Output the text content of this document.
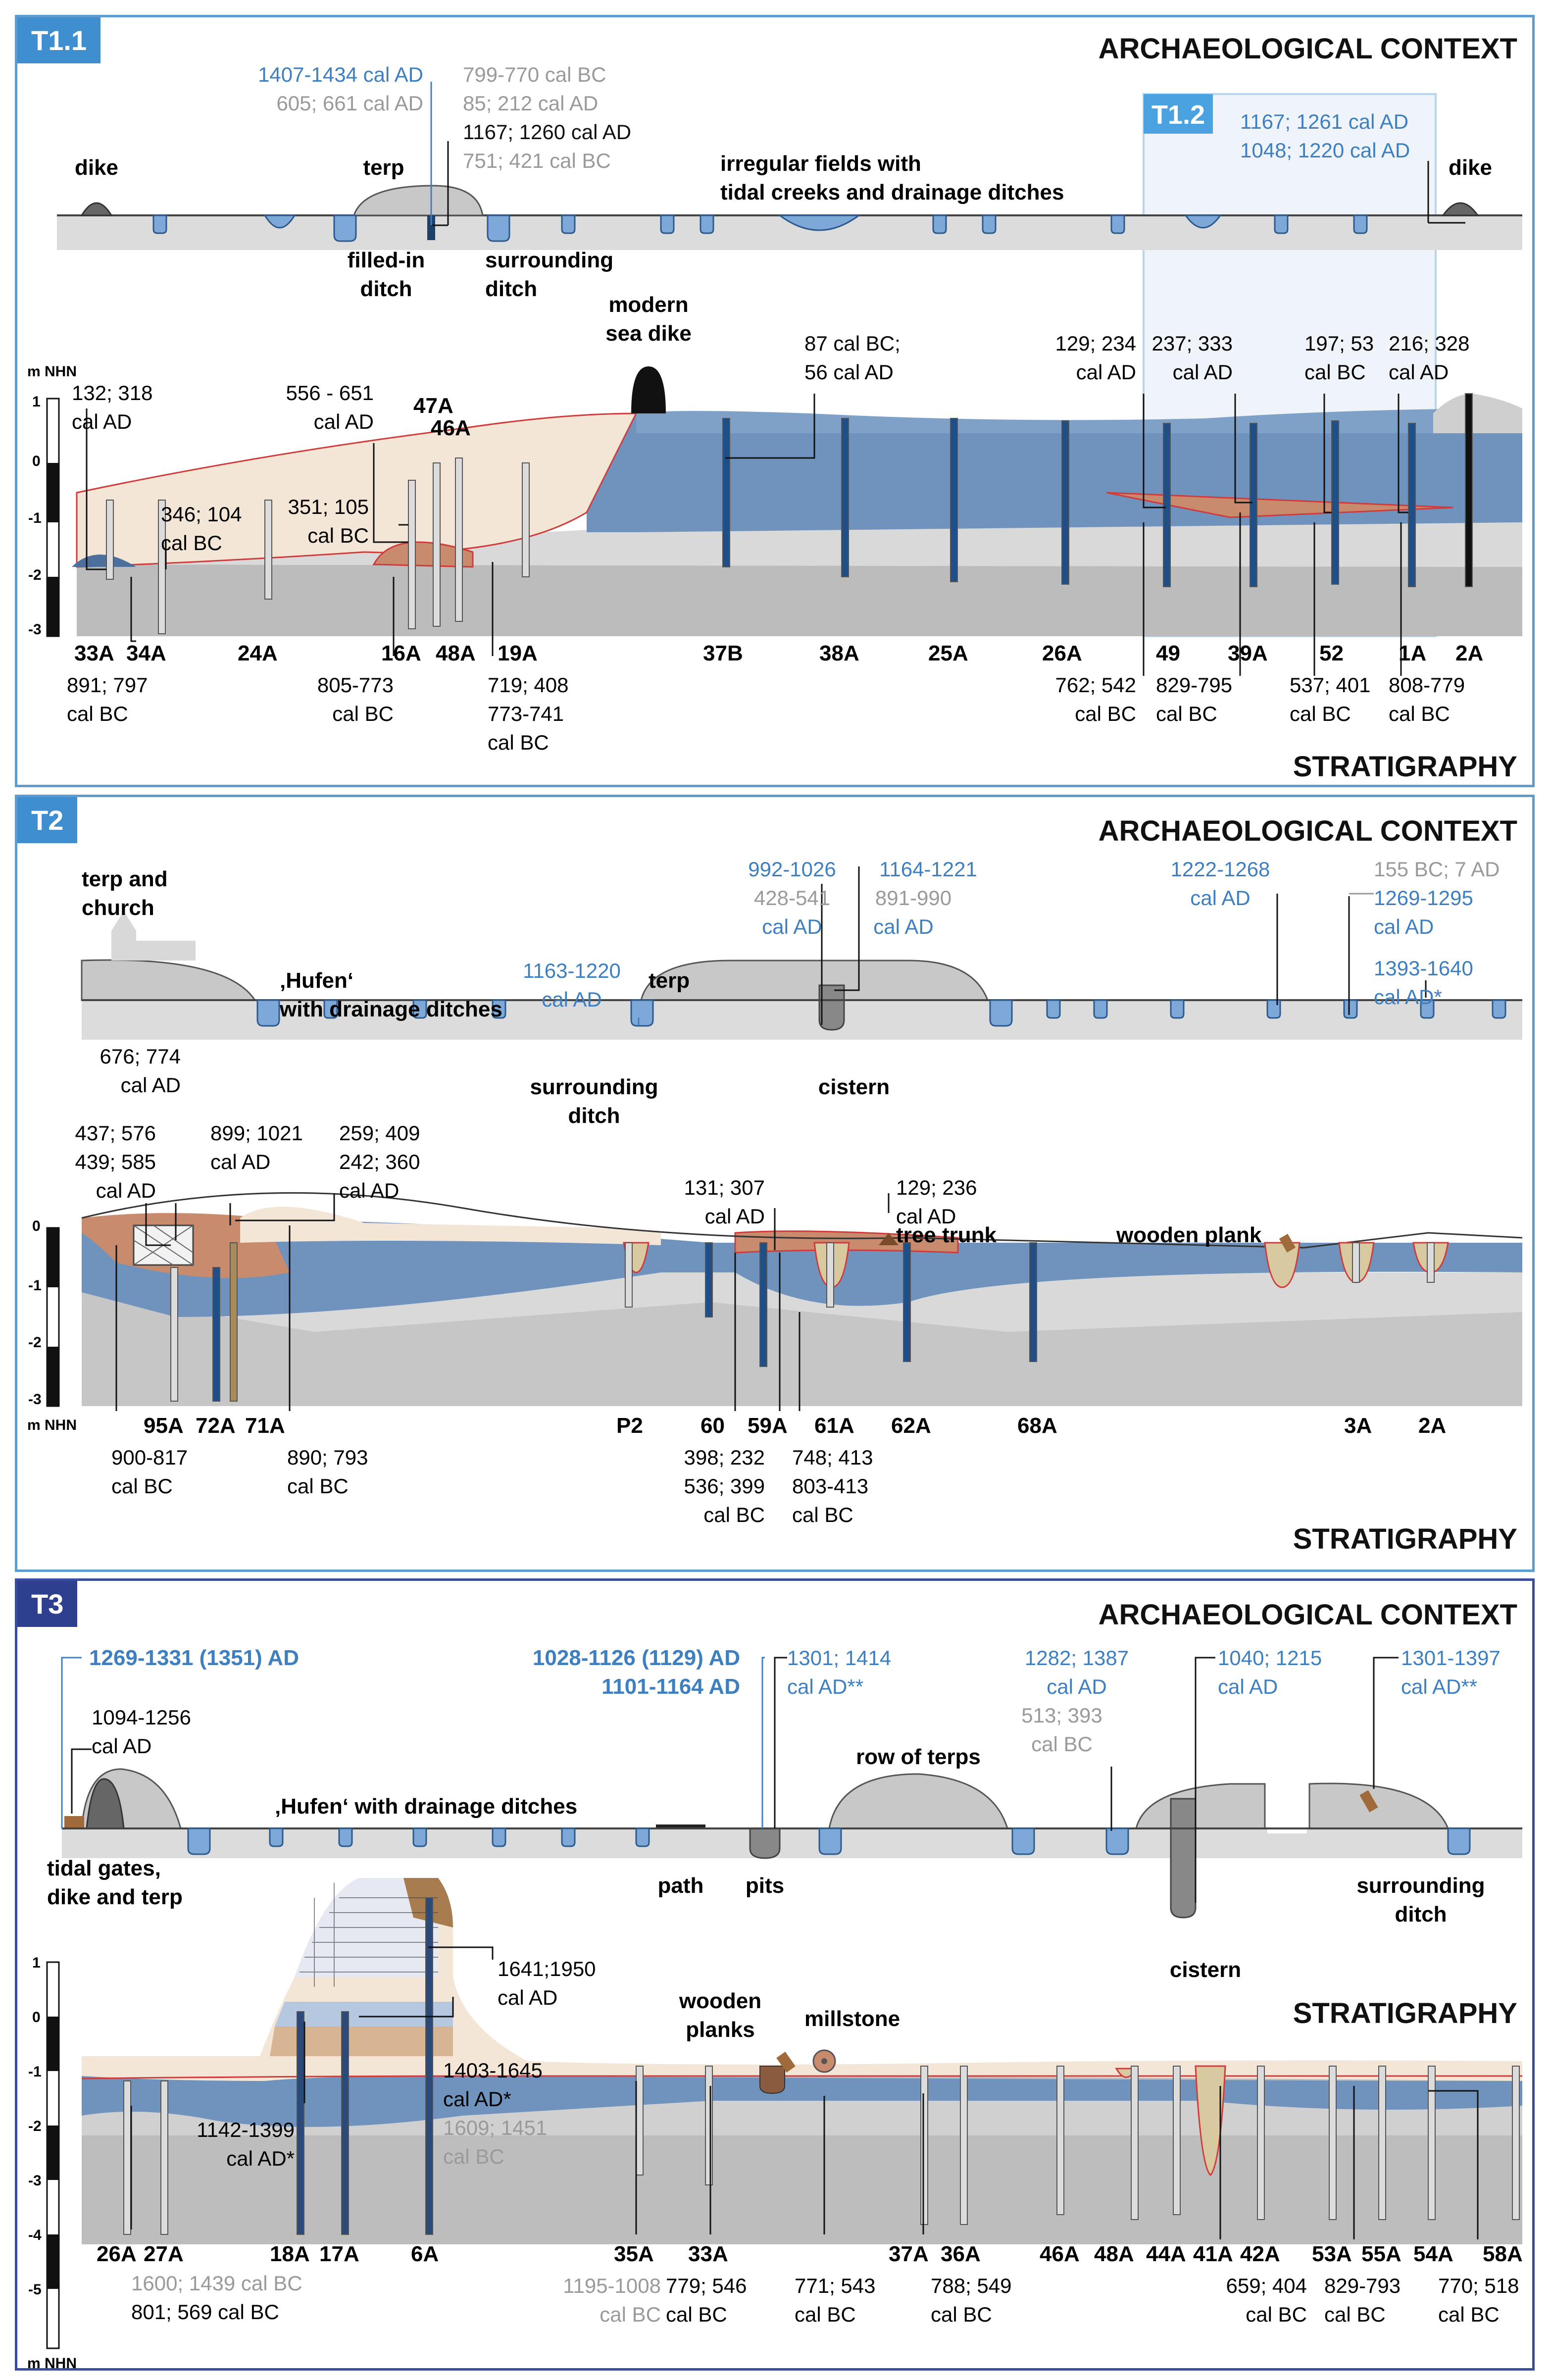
T1.1	ARCHAEOLOGICAL CONTEXT
STRATIGRAPHY
T1.2
dike	terp	dike
filled-in ditch
surrounding ditch
irregular fields with tidal creeks and drainage ditches
modern sea dike
1407-1434 cal AD
605; 661 cal AD
799-770 cal BC
85; 212 cal AD
1167; 1260 cal AD
751; 421 cal BC
1167; 1261 cal AD
1048; 1220 cal AD
m NHN
132; 318
cal AD
346; 104
cal BC
556 - 651
cal AD
351; 105
cal BC
87 cal BC;
56 cal AD
129; 234
cal AD
237; 333
cal AD
197; 53
cal BC
216; 328
cal AD
47A
46A
33A 34A	24A	16A 48A 19A	37B	38A	25A	26A	49 39A 52	1A 2A
891; 797
cal BC
805-773
cal BC
719; 408
773-741
cal BC
762; 542
cal BC
829-795
cal BC
537; 401
cal BC
808-779
cal BC
1
0
-1
-2
-3
T2	ARCHAEOLOGICAL CONTEXT
STRATIGRAPHY
terp and church
‚Hufen‘ with drainage ditches
terp
surrounding ditch
cistern
992-1026
428-541
cal AD
1164-1221
891-990
cal AD
1163-1220 cal AD
1222-1268 cal AD
155 BC; 7 AD
1269-1295 cal AD
1393-1640 cal AD*
m NHN
676; 774
cal AD
437; 576
439; 585
cal AD
899; 1021
cal AD
259; 409
242; 360
cal AD	131; 307
cal AD
129; 236
cal AD
tree trunk	wooden plank
95A 72A 71A	P2	60 59A 61A 62A	68A	3A 2A
900-817
cal BC
890; 793
cal BC
398; 232
536; 399
cal BC
748; 413
803-413
cal BC
0
-1
-2
-3
T3	ARCHAEOLOGICAL CONTEXT
STRATIGRAPHY
tidal gates, dike and terp
‚Hufen‘ with drainage ditches
path pits
row of terps
surrounding ditch
cistern
1269-1331 (1351) AD
1094-1256 cal AD
1028-1126 (1129) AD
1101-1164 AD
1301; 1414 cal AD**
1282; 1387 cal AD
513; 393 cal BC
1040; 1215 cal AD
1301-1397 cal AD**
m NHN
1641;1950
cal AD
1403-1645
cal AD*
1609; 1451
cal BC
1142-1399
cal AD*
wooden
planks	millstone
26A 27A	18A 17A 6A	35A 33A	37A 36A	46A 48A 44A 41A 42A 53A 55A 54A 58A
1600; 1439 cal BC
801; 569 cal BC
1195-1008
cal BC
779; 546
cal BC
771; 543
cal BC
788; 549
cal BC
659; 404
cal BC
829-793
cal BC
770; 518
cal BC
1
0
-1
-2
-3
-4
-5
